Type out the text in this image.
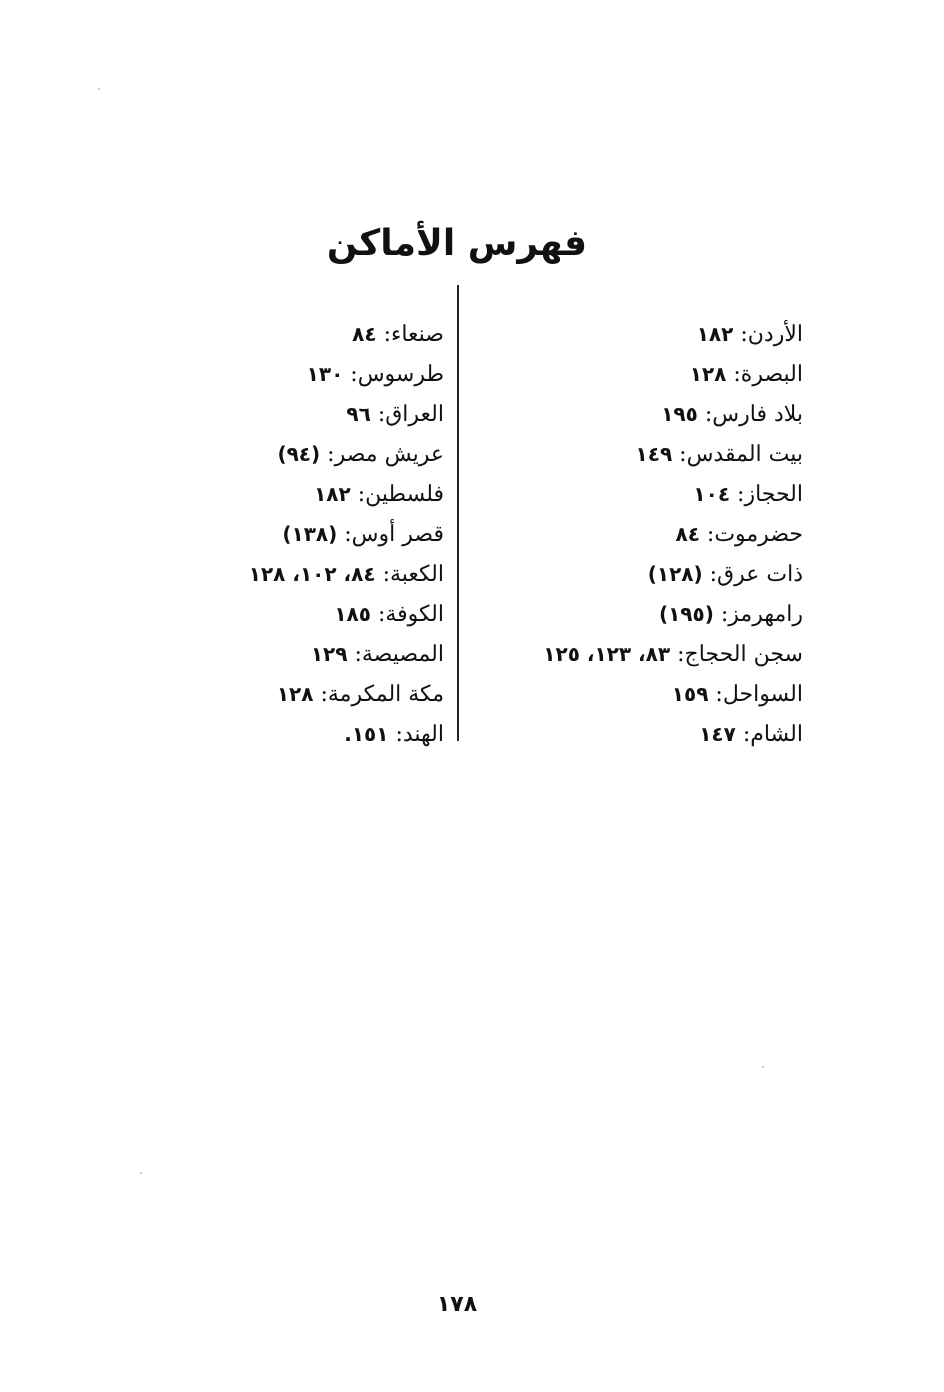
فهرس الأماكن
الأردن: ١٨٢
البصرة: ١٢٨
بلاد فارس: ١٩٥
بيت المقدس: ١٤٩
الحجاز: ١٠٤
حضرموت: ٨٤
ذات عرق: (١٢٨)
رامهرمز: (١٩٥)
سجن الحجاج: ٨٣، ١٢٣، ١٢٥
السواحل: ١٥٩
الشام: ١٤٧
صنعاء: ٨٤
طرسوس: ١٣٠
العراق: ٩٦
عريش مصر: (٩٤)
فلسطين: ١٨٢
قصر أوس: (١٣٨)
الكعبة: ٨٤، ١٠٢، ١٢٨
الكوفة: ١٨٥
المصيصة: ١٢٩
مكة المكرمة: ١٢٨
الهند: ١٥١.
١٧٨
